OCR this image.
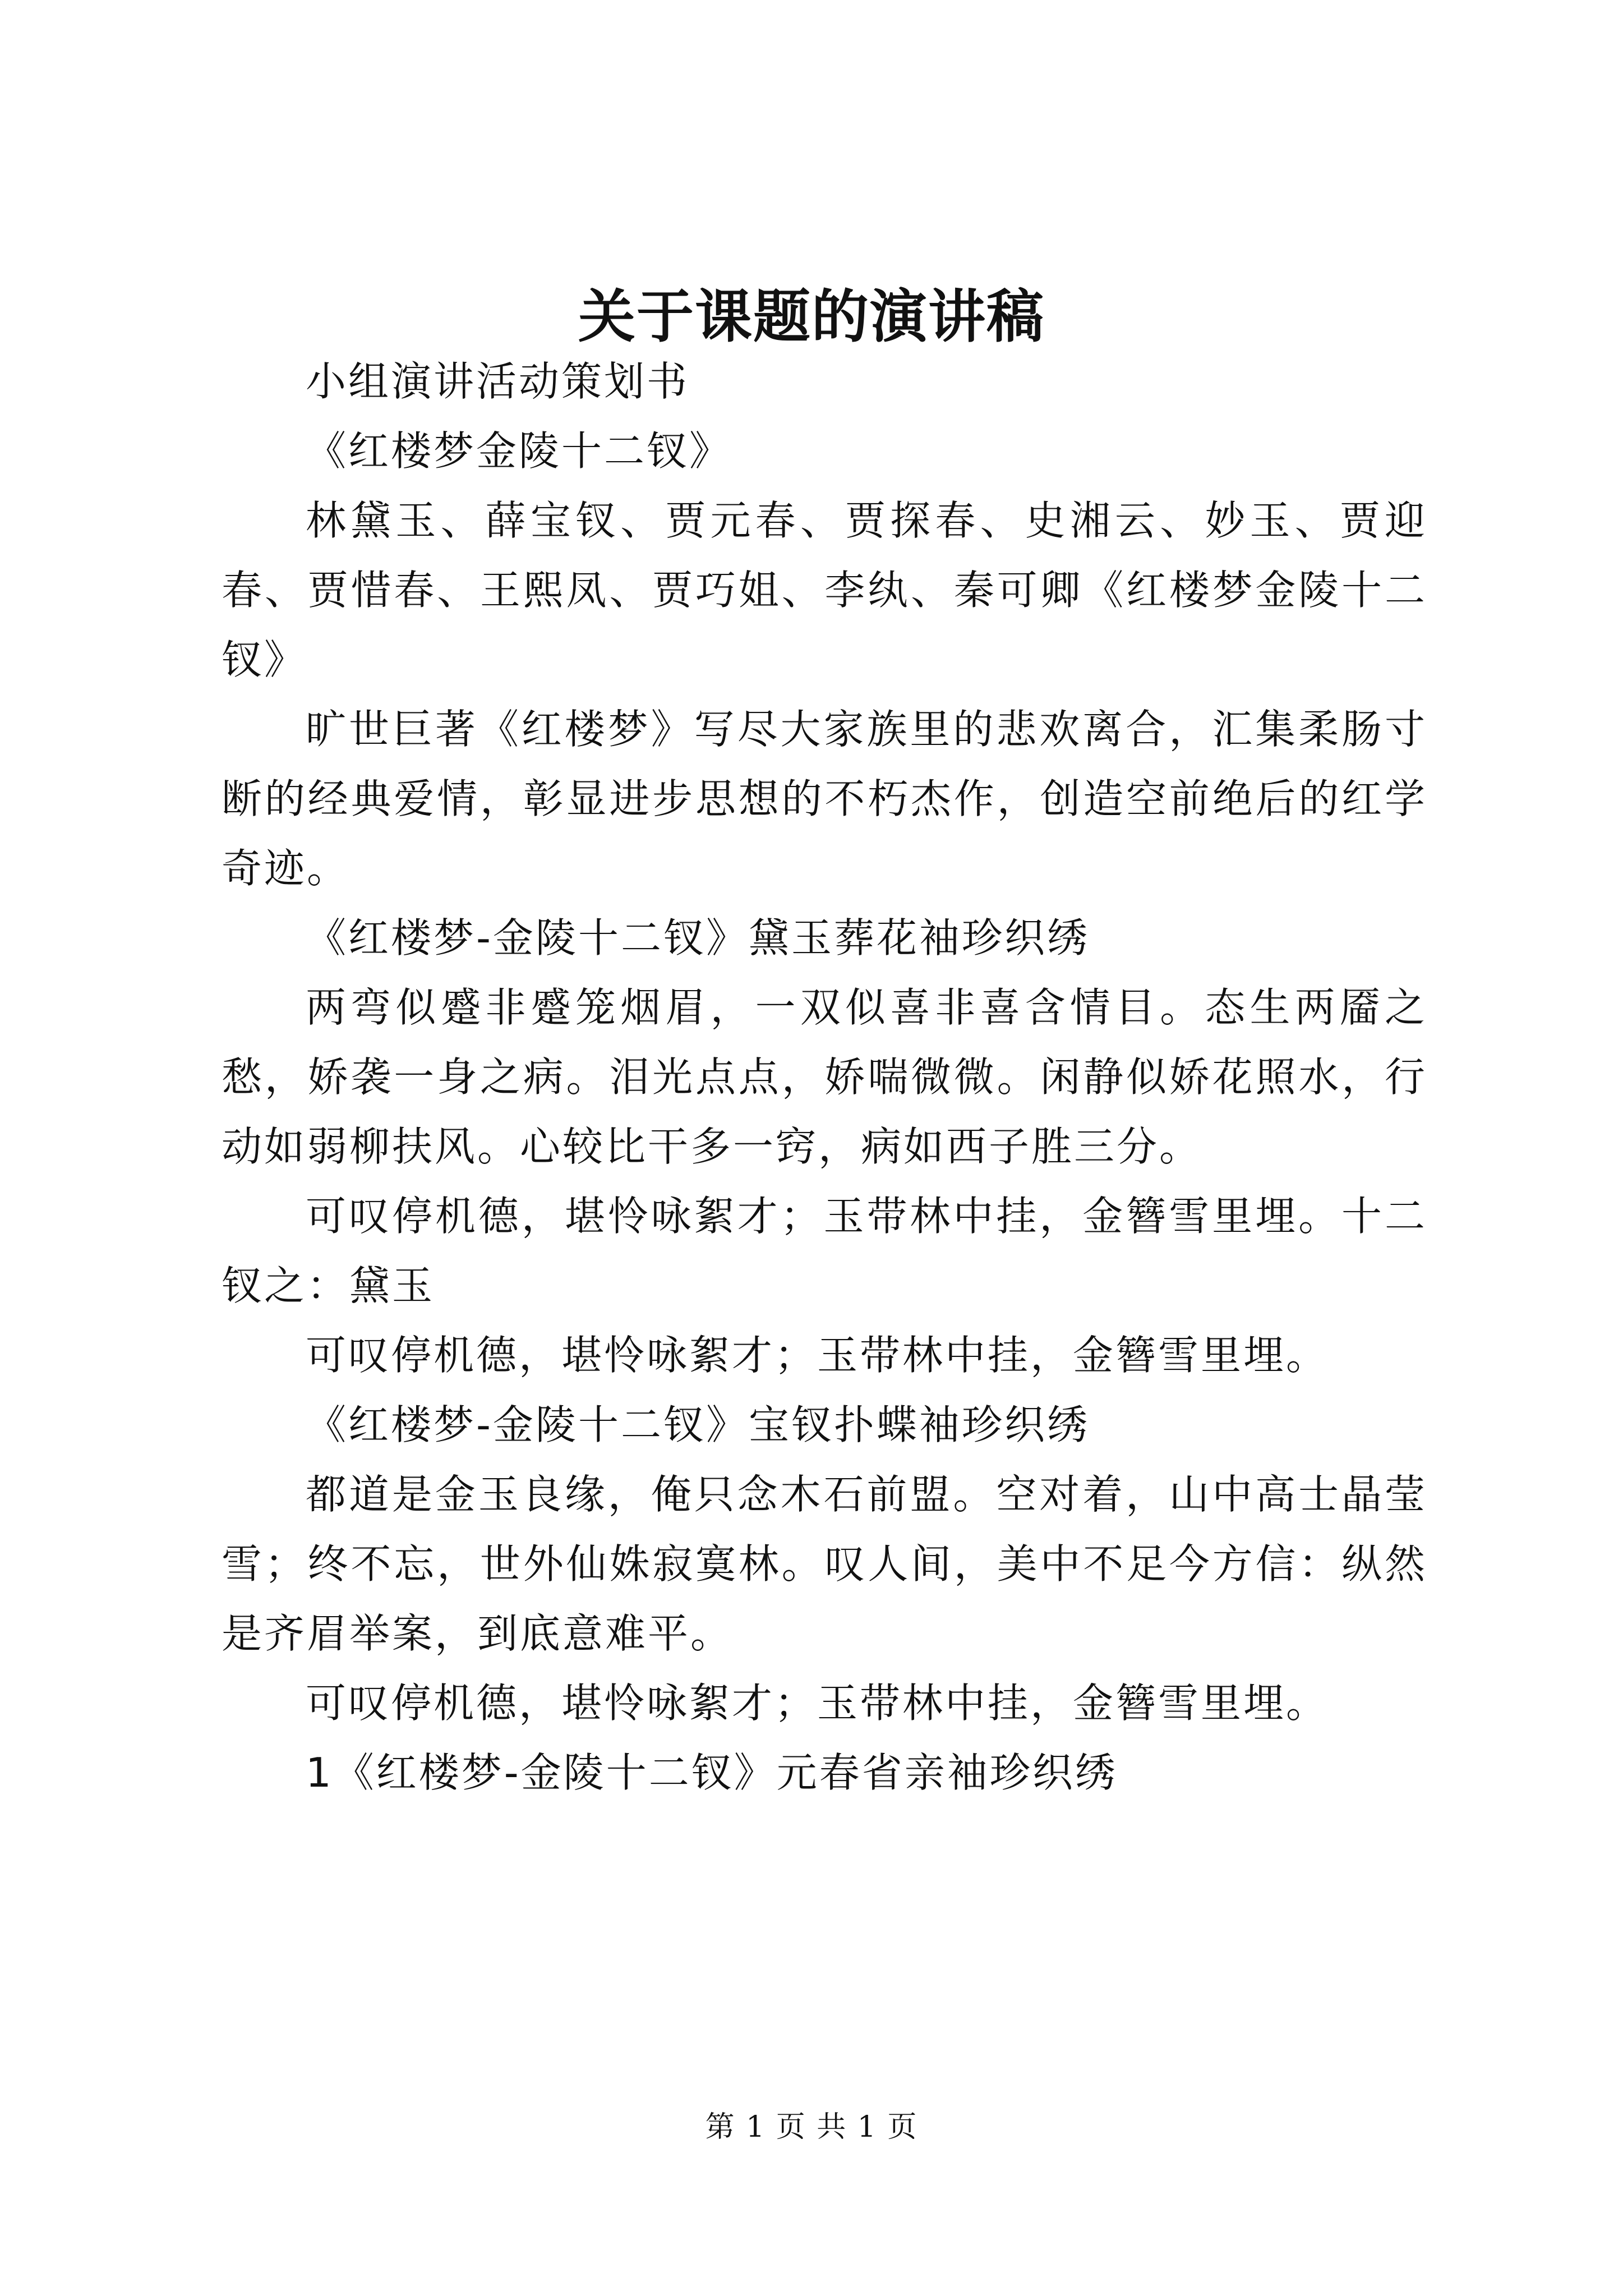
关于课题的演讲稿

小组演讲活动策划书

《红楼梦金陵十二钗》

林黛玉、薛宝钗、贾元春、贾探春、史湘云、妙玉、贾迎春、贾惜春、王熙凤、贾巧姐、李纨、秦可卿《红楼梦金陵十二钗》

旷世巨著《红楼梦》写尽大家族里的悲欢离合，汇集柔肠寸断的经典爱情，彰显进步思想的不朽杰作，创造空前绝后的红学奇迹。

《红楼梦-金陵十二钗》黛玉葬花袖珍织绣

两弯似蹙非蹙笼烟眉，一双似喜非喜含情目。态生两靥之愁，娇袭一身之病。泪光点点，娇喘微微。闲静似娇花照水，行动如弱柳扶风。心较比干多一窍，病如西子胜三分。

可叹停机德，堪怜咏絮才；玉带林中挂，金簪雪里埋。十二钗之：黛玉

可叹停机德，堪怜咏絮才；玉带林中挂，金簪雪里埋。

《红楼梦-金陵十二钗》宝钗扑蝶袖珍织绣

都道是金玉良缘，俺只念木石前盟。空对着，山中高士晶莹雪；终不忘，世外仙姝寂寞林。叹人间，美中不足今方信：纵然是齐眉举案，到底意难平。

可叹停机德，堪怜咏絮才；玉带林中挂，金簪雪里埋。

1《红楼梦-金陵十二钗》元春省亲袖珍织绣

第 1 页 共 1 页
